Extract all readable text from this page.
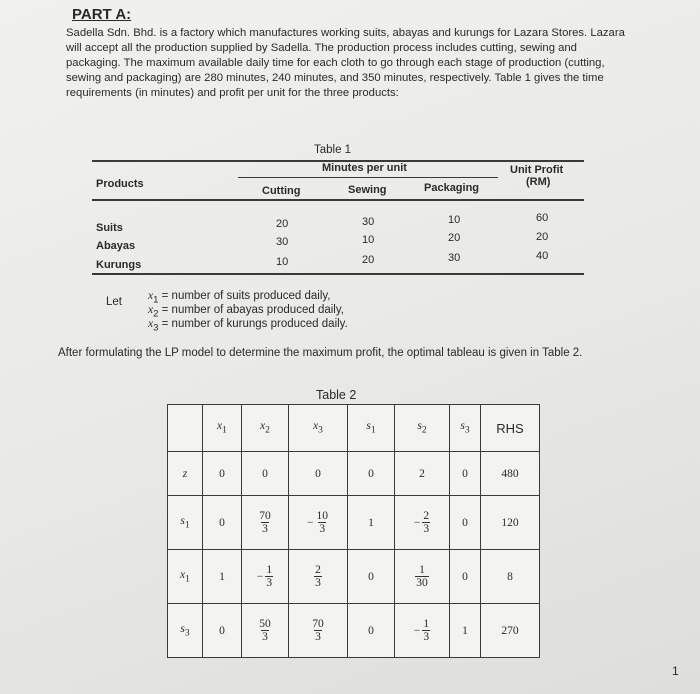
PART A:
Sadella Sdn. Bhd. is a factory which manufactures working suits, abayas and kurungs for Lazara Stores. Lazara will accept all the production supplied by Sadella. The production process includes cutting, sewing and packaging. The maximum available daily time for each cloth to go through each stage of production (cutting, sewing and packaging) are 280 minutes, 240 minutes, and 350 minutes, respectively. Table 1 gives the time requirements (in minutes) and profit per unit for the three products:
Table 1
Products
Minutes per unit	Unit Profit
(RM)
Cutting	Sewing	Packaging
Suits	20	30	10	60
Abayas	30	10	20	20
Kurungs	10	20	30	40
Let $x_1$ = number of suits produced daily,
$x_2$ = number of abayas produced daily,
$x_3$ = number of kurungs produced daily.
After formulating the LP model to determine the maximum profit, the optimal tableau is given in Table 2.
Table 2
	$x_1$	$x_2$	$x_3$	$s_1$	$s_2$	$s_3$	RHS
z	0	0	0	0	2	0	480
$s_1$	0	$\frac{70}{3}$	− $\frac{10}{3}$	1	− $\frac{2}{3}$	0	120
$x_1$	1	− $\frac{1}{3}$	$\frac{2}{3}$	0	$\frac{1}{30}$	0	8
$s_3$	0	$\frac{50}{3}$	$\frac{70}{3}$	0	− $\frac{1}{3}$	1	270
1
